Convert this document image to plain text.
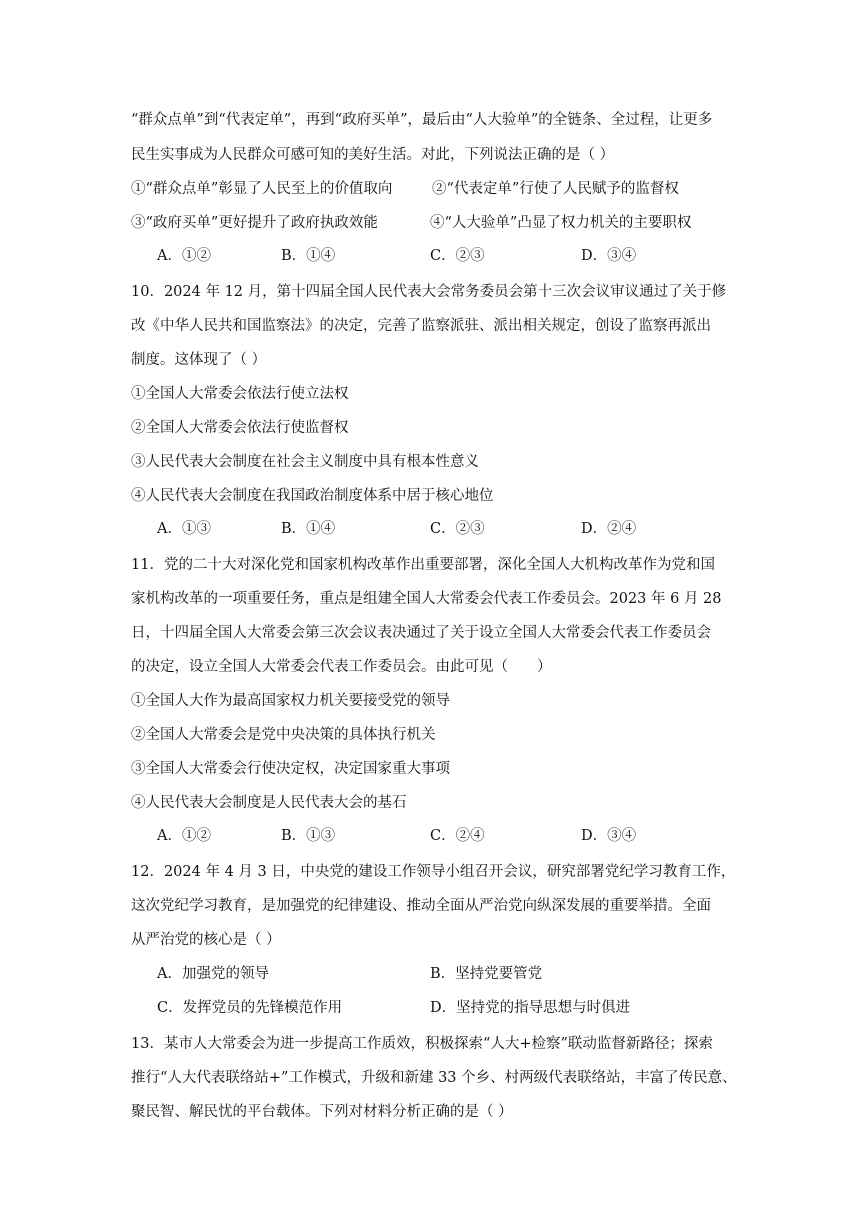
“群众点单”到“代表定单”，再到“政府买单”，最后由“人大验单”的全链条、全过程，让更多
民生实事成为人民群众可感可知的美好生活。对此，下列说法正确的是（ ）
①“群众点单”彰显了人民至上的价值取向	②“代表定单”行使了人民赋予的监督权
③“政府买单”更好提升了政府执政效能	④“人大验单”凸显了权力机关的主要职权
A．①②	B．①④	C．②③	D．③④
10．2024 年 12 月，第十四届全国人民代表大会常务委员会第十三次会议审议通过了关于修
改《中华人民共和国监察法》的决定，完善了监察派驻、派出相关规定，创设了监察再派出
制度。这体现了（ ）
①全国人大常委会依法行使立法权
②全国人大常委会依法行使监督权
③人民代表大会制度在社会主义制度中具有根本性意义
④人民代表大会制度在我国政治制度体系中居于核心地位
A．①③	B．①④	C．②③	D．②④
11．党的二十大对深化党和国家机构改革作出重要部署，深化全国人大机构改革作为党和国
家机构改革的一项重要任务，重点是组建全国人大常委会代表工作委员会。2023 年 6 月 28
日，十四届全国人大常委会第三次会议表决通过了关于设立全国人大常委会代表工作委员会
的决定，设立全国人大常委会代表工作委员会。由此可见（　　）
①全国人大作为最高国家权力机关要接受党的领导
②全国人大常委会是党中央决策的具体执行机关
③全国人大常委会行使决定权，决定国家重大事项
④人民代表大会制度是人民代表大会的基石
A．①②	B．①③	C．②④	D．③④
12．2024 年 4 月 3 日，中央党的建设工作领导小组召开会议，研究部署党纪学习教育工作，
这次党纪学习教育，是加强党的纪律建设、推动全面从严治党向纵深发展的重要举措。全面
从严治党的核心是（ ）
A．加强党的领导	B．坚持党要管党
C．发挥党员的先锋模范作用	D．坚持党的指导思想与时俱进
13．某市人大常委会为进一步提高工作质效，积极探索“人大+检察”联动监督新路径；探索
推行“人大代表联络站+”工作模式，升级和新建 33 个乡、村两级代表联络站，丰富了传民意、
聚民智、解民忧的平台载体。下列对材料分析正确的是（ ）
